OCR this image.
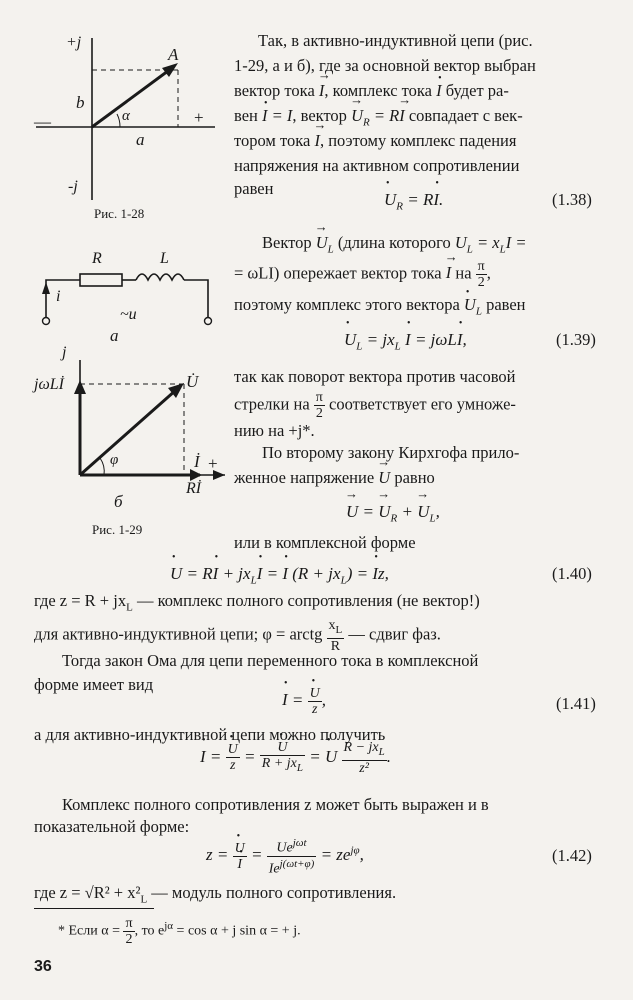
+j
-j
b
a
α
A
+
—
Рис. 1-28
R	L
i
~u
a
j
jωLİ	U̇
φ	İ +
Rİ
б
Рис. 1-29
Так, в активно-индуктивной цепи (рис.
1-29, а и б), где за основной вектор выбран
вектор тока → I, комплекс тока • I будет ра-
вен • I = I, вектор → $U_R = R\to I$ совпадает с век-
тором тока → I, поэтому комплекс падения
напряжения на активном сопротивлении
равен
• $U_R$ = R• I.	(1.38)
Вектор → $U_L$ (длина которого $U_L = x_LI$ =
= ωLI) опережает вектор тока → I на $\frac{\pi}{2}$ ,
поэтому комплекс этого вектора • $U_L$ равен
• $U_L = jx_L$ • I = jωL• I,	(1.39)
так как поворот вектора против часовой
стрелки на $\frac{\pi}{2}$ соответствует его умноже-
нию на +j*.
По второму закону Кирхгофа прило-
женное напряжение → U равно
→ U = → $U_R$ + → $U_L$,
или в комплексной форме
• U = R• $I + jx_L•$ I = • I $(R + jx_L)$ = • Iz,	(1.40)
где $z = R + jx_L$ — комплекс полного сопротивления (не вектор!)
для активно-индуктивной цепи; φ = arctg $\frac{x_L}{R}$ — сдвиг фаз.
Тогда закон Ома для цепи переменного тока в комплексной
форме имеет вид
• I = • $\frac{U}{z}$ ,	(1.41)
а для активно-индуктивной цепи можно получить
• I = • $\frac{U}{z}$ = • $\frac{U}{R + jx_L}$ = • U $\frac{R - jx_L}{\text{z²}}$ .
Комплекс полного сопротивления z может быть выражен и в
показательной форме:
z = • U
• $I = \frac{Ue^{j\omega t}}{Ie^{j(\omega t+\varphi)}} = ze^{j\varphi}$,	(1.42)
где $z = √R^2 + x^2_L$ — модуль полного сопротивления.
* Если $\alpha = \frac{\pi}{2}$ , то $e^{j\alpha} = \cos \alpha + j$ sin α = + j.
36
